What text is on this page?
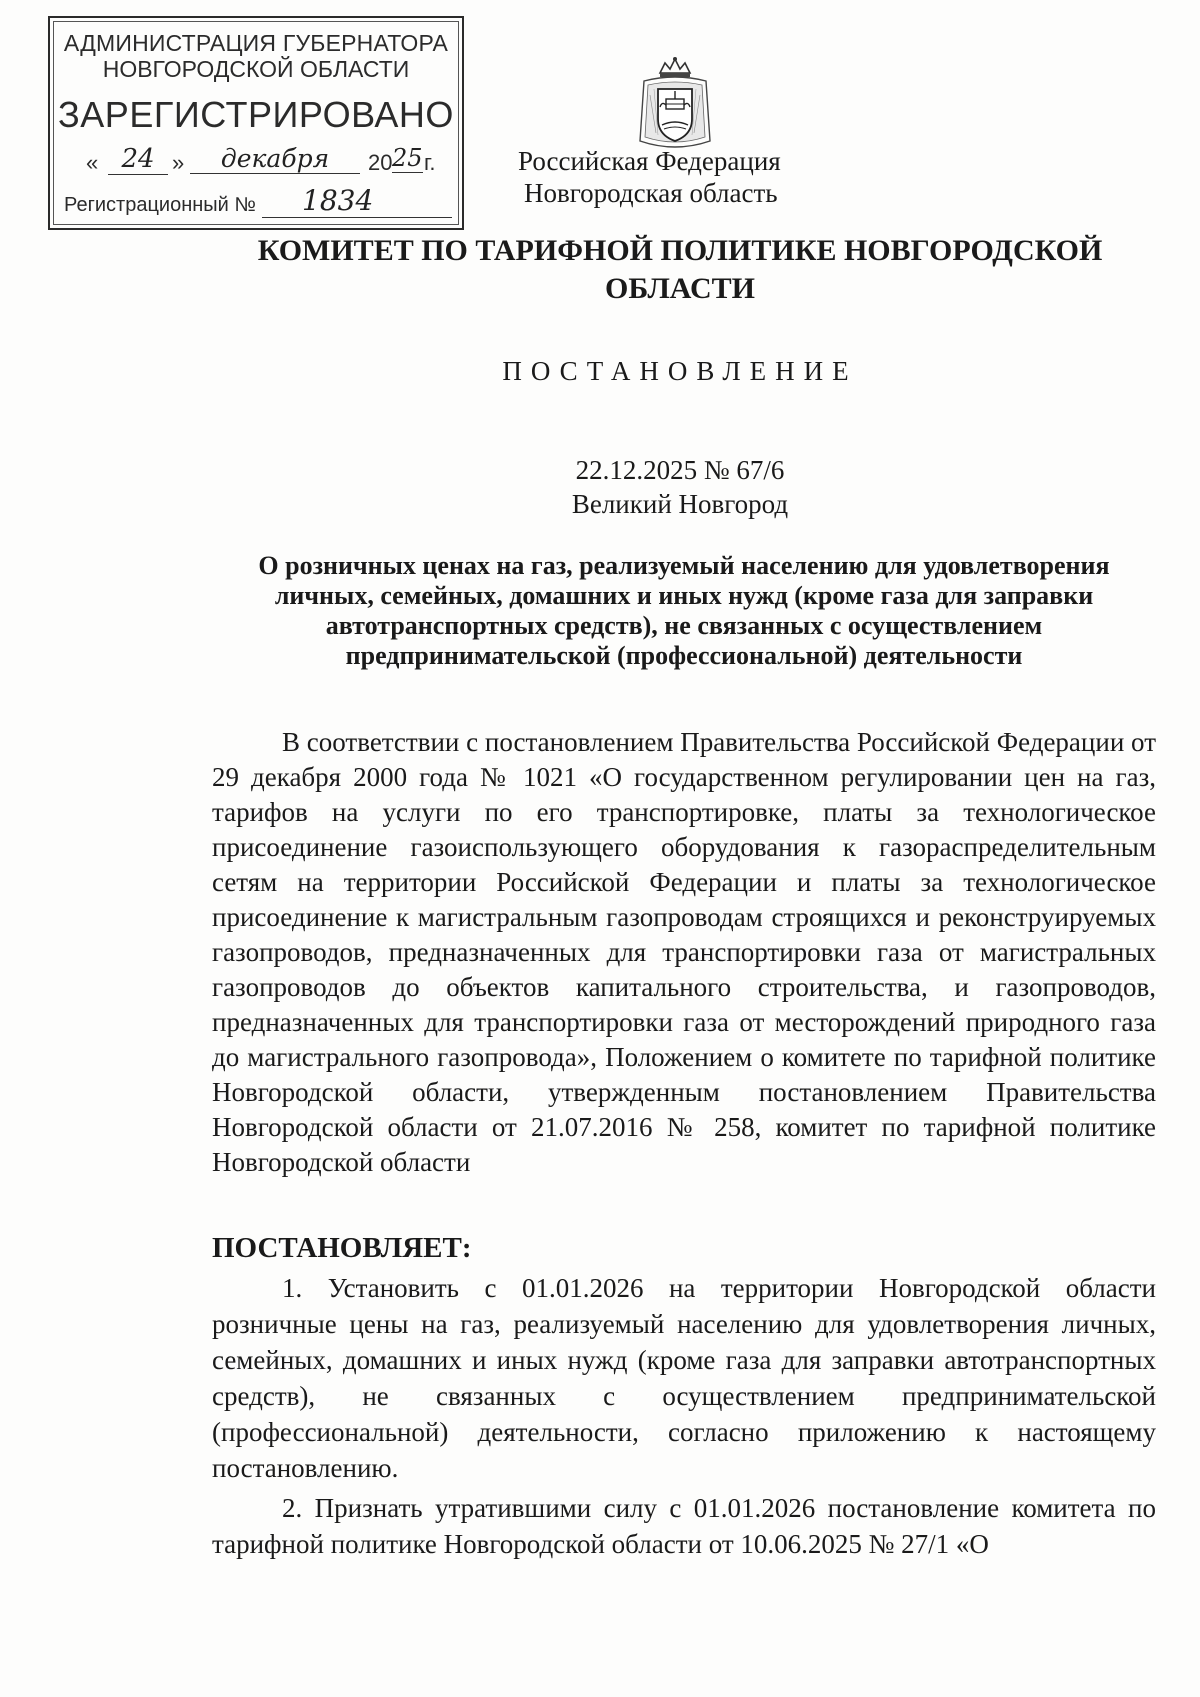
АДМИНИСТРАЦИЯ ГУБЕРНАТОРА
НОВГОРОДСКОЙ ОБЛАСТИ
ЗАРЕГИСТРИРОВАНО
« 24 »	декабря	20 25 г.
Регистрационный №	1834
Российская Федерация
Новгородская область
КОМИТЕТ ПО ТАРИФНОЙ ПОЛИТИКЕ НОВГОРОДСКОЙ ОБЛАСТИ
ПОСТАНОВЛЕНИЕ
22.12.2025 № 67/6
Великий Новгород
О розничных ценах на газ, реализуемый населению для удовлетворения личных, семейных, домашних и иных нужд (кроме газа для заправки автотранспортных средств), не связанных с осуществлением предпринимательской (профессиональной) деятельности

В соответствии с постановлением Правительства Российской Федерации от 29 декабря 2000 года № 1021 «О государственном регулировании цен на газ, тарифов на услуги по его транспортировке, платы за технологическое присоединение газоиспользующего оборудования к газораспределительным сетям на территории Российской Федерации и платы за технологическое присоединение к магистральным газопроводам строящихся и реконструируемых газопроводов, предназначенных для транспортировки газа от магистральных газопроводов до объектов капитального строительства, и газопроводов, предназначенных для транспортировки газа от месторождений природного газа до магистрального газопровода», Положением о комитете по тарифной политике Новгородской области, утвержденным постановлением Правительства Новгородской области от 21.07.2016 № 258, комитет по тарифной политике Новгородской области

ПОСТАНОВЛЯЕТ:
1. Установить с 01.01.2026 на территории Новгородской области розничные цены на газ, реализуемый населению для удовлетворения личных, семейных, домашних и иных нужд (кроме газа для заправки автотранспортных средств), не связанных с осуществлением предпринимательской (профессиональной) деятельности, согласно приложению к настоящему постановлению.
2. Признать утратившими силу с 01.01.2026 постановление комитета по тарифной политике Новгородской области от 10.06.2025 № 27/1 «О
